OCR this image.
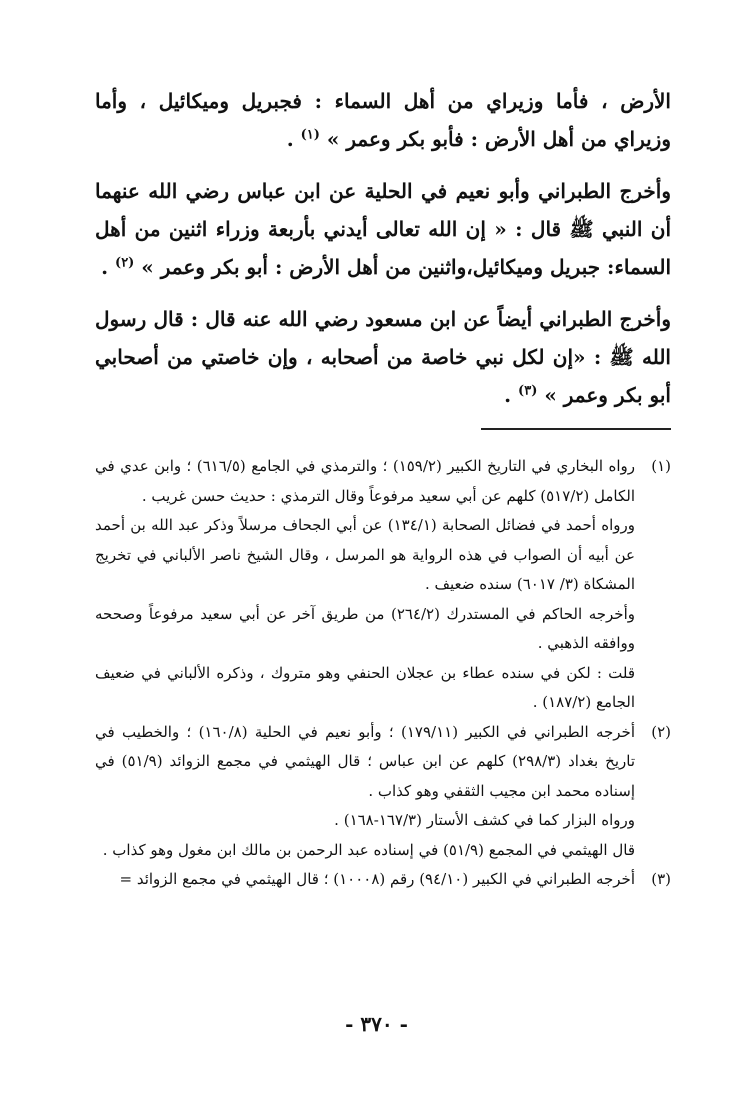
الأرض ، فأما وزيراي من أهل السماء : فجبريل وميكائيل ، وأما وزيراي من أهل الأرض : فأبو بكر وعمر » $^{(١)}$ .

وأخرج الطبراني وأبو نعيم في الحلية عن ابن عباس رضي الله عنهما أن النبي ﷺ قال : « إن الله تعالى أيدني بأربعة وزراء اثنين من أهل السماء: جبريل وميكائيل،واثنين من أهل الأرض : أبو بكر وعمر » $^{(٢)}$ .

وأخرج الطبراني أيضاً عن ابن مسعود رضي الله عنه قال : قال رسول الله ﷺ : «إن لكل نبي خاصة من أصحابه ، وإن خاصتي من أصحابي أبو بكر وعمر » $^{(٣)}$ .

(١)

رواه البخاري في التاريخ الكبير (١٥٩/٢) ؛ والترمذي في الجامع (٦١٦/٥) ؛ وابن عدي في الكامل (٥١٧/٢) كلهم عن أبي سعيد مرفوعاً وقال الترمذي : حديث حسن غريب .

ورواه أحمد في فضائل الصحابة (١٣٤/١) عن أبي الجحاف مرسلاً وذكر عبد الله بن أحمد عن أبيه أن الصواب في هذه الرواية هو المرسل ، وقال الشيخ ناصر الألباني في تخريج المشكاة (٣/ ٦٠١٧) سنده ضعيف .

وأخرجه الحاكم في المستدرك (٢٦٤/٢) من طريق آخر عن أبي سعيد مرفوعاً وصححه ووافقه الذهبي .

قلت : لكن في سنده عطاء بن عجلان الحنفي وهو متروك ، وذكره الألباني في ضعيف الجامع (١٨٧/٢) .

(٢)

أخرجه الطبراني في الكبير (١٧٩/١١) ؛ وأبو نعيم في الحلية (١٦٠/٨) ؛ والخطيب في تاريخ بغداد (٢٩٨/٣) كلهم عن ابن عباس ؛ قال الهيثمي في مجمع الزوائد (٥١/٩) في إسناده محمد ابن مجيب الثقفي وهو كذاب .

ورواه البزار كما في كشف الأستار (١٦٧/٣-١٦٨) .

قال الهيثمي في المجمع (٥١/٩) في إسناده عبد الرحمن بن مالك ابن مغول وهو كذاب .

(٣)

أخرجه الطبراني في الكبير (٩٤/١٠) رقم (١٠٠٠٨) ؛ قال الهيثمي في مجمع الزوائد =

- ٣٧٠ -
